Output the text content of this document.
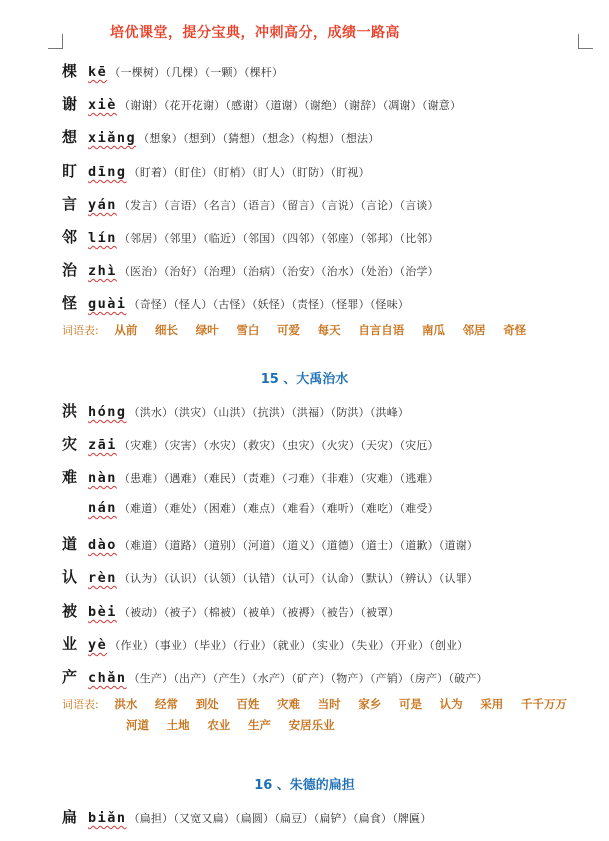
培优课堂，提分宝典，冲刺高分，成绩一路高
棵 kē （一棵树）（几棵）（一颗）（棵杆）
谢 xiè （谢谢）（花开花谢）（感谢）（道谢）（谢绝）（谢辞）（凋谢）（谢意）
想 xiǎng （想象）（想到）（猜想）（想念）（构想）（想法）
盯 dīng （盯着）（盯住）（盯梢）（盯人）（盯防）（盯视）
言 yán （发言）（言语）（名言）（语言）（留言）（言说）（言论）（言谈）
邻 lín （邻居）（邻里）（临近）（邻国）（四邻）（邻座）（邻邦）（比邻）
治 zhì （医治）（治好）（治理）（治病）（治安）（治水）（处治）（治学）
怪 guài （奇怪）（怪人）（古怪）（妖怪）（责怪）（怪罪）（怪味）
词语表: 从前 细长 绿叶 雪白 可爱 每天 自言自语 南瓜 邻居 奇怪
15 、大禹治水
洪 hóng （洪水）（洪灾）（山洪）（抗洪）（洪福）（防洪）（洪峰）
灾 zāi （灾难）（灾害）（水灾）（救灾）（虫灾）（火灾）（天灾）（灾厄）
难 nàn （患难）（遇难）（难民）（责难）（刁难）（非难）（灾难）（逃难）
nán （难道）（难处）（困难）（难点）（难看）（难听）（难吃）（难受）
道 dào （难道）（道路）（道别）（河道）（道义）（道德）（道士）（道歉）（道谢）
认 rèn （认为）（认识）（认领）（认错）（认可）（认命）（默认）（辨认）（认罪）
被 bèi （被动）（被子）（棉被）（被单）（被褥）（被告）（被罩）
业 yè （作业）（事业）（毕业）（行业）（就业）（实业）（失业）（开业）（创业）
产 chǎn （生产）（出产）（产生）（水产）（矿产）（物产）（产销）（房产）（破产）
词语表: 洪水 经常 到处 百姓 灾难 当时 家乡 可是 认为 采用 千千万万
河道 土地 农业 生产 安居乐业
16 、朱德的扁担
扁 biǎn （扁担）（又宽又扁）（扁圆）（扁豆）（扁铲）（扁食）（牌匾）
